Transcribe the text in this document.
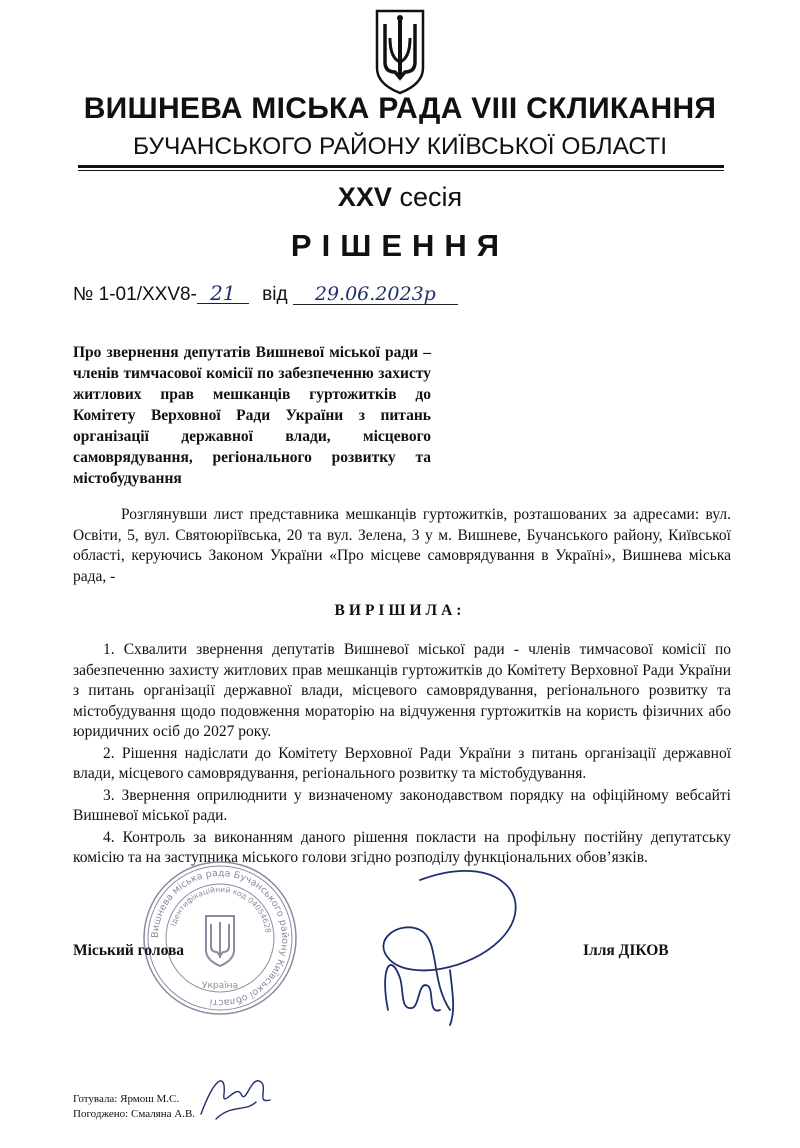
ВИШНЕВА МІСЬКА РАДА VIII СКЛИКАННЯ
БУЧАНСЬКОГО РАЙОНУ КИЇВСЬКОЇ ОБЛАСТІ
XXV сесія
РІШЕННЯ
№ 1-01/XXV8- 21 від 29.06.2023р
Про звернення депутатів Вишневої міської ради – членів тимчасової комісії по забезпеченню захисту житлових прав мешканців гуртожитків до Комітету Верховної Ради України з питань організації державної влади, місцевого самоврядування, регіонального розвитку та містобудування
Розглянувши лист представника мешканців гуртожитків, розташованих за адресами: вул. Освіти, 5, вул. Святоюріївська, 20 та вул. Зелена, 3 у м. Вишневе, Бучанського району, Київської області, керуючись Законом України «Про місцеве самоврядування в Україні», Вишнева міська рада, -
ВИРІШИЛА:

1. Схвалити звернення депутатів Вишневої міської ради - членів тимчасової комісії по забезпеченню захисту житлових прав мешканців гуртожитків до Комітету Верховної Ради України з питань організації державної влади, місцевого самоврядування, регіонального розвитку та містобудування щодо подовження мораторію на відчуження гуртожитків на користь фізичних або юридичних осіб до 2027 року.

2. Рішення надіслати до Комітету Верховної Ради України з питань організації державної влади, місцевого самоврядування, регіонального розвитку та містобудування.

3. Звернення оприлюднити у визначеному законодавством порядку на офіційному вебсайті Вишневої міської ради.

4. Контроль за виконанням даного рішення покласти на профільну постійну депутатську комісію та на заступника міського голови згідно розподілу функціональних обов’язків.

Вишнева міська рада Бучанського району Київської області
Ідентифікаційний код 04054628
Україна
Міський голова	Ілля ДІКОВ
Готувала: Ярмош М.С.
Погоджено: Смаляна А.В.
